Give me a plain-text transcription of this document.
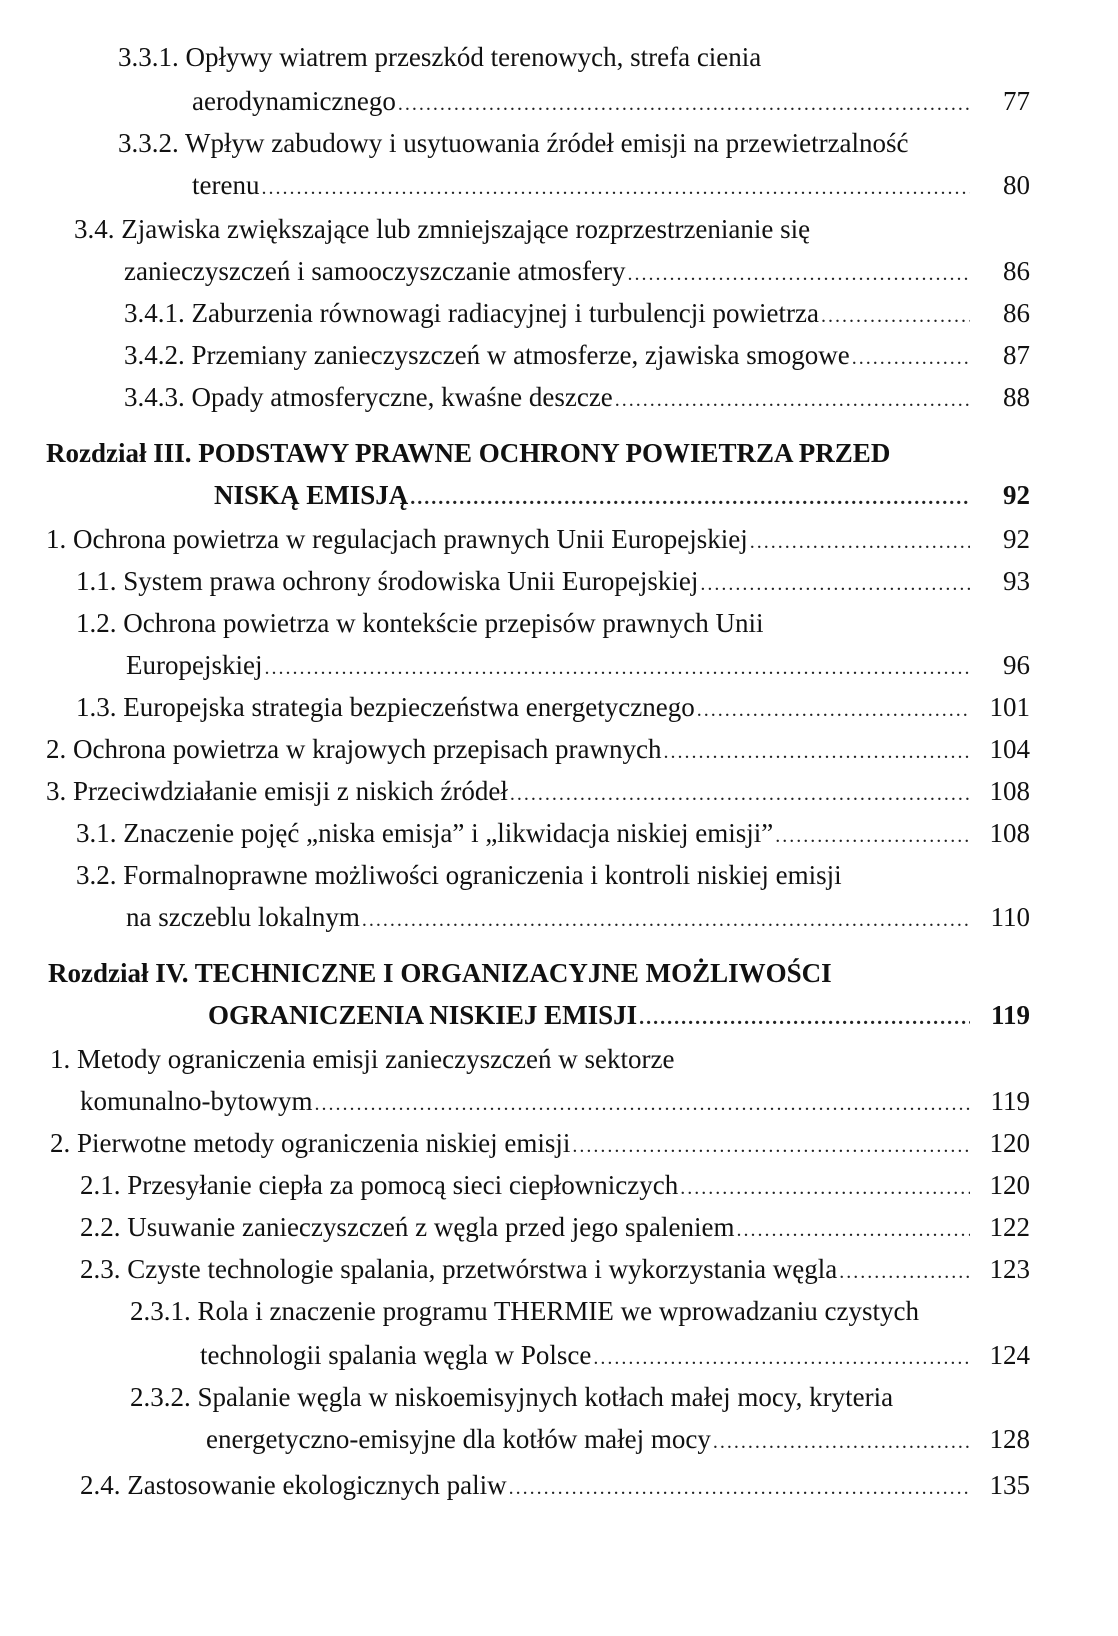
3.3.1. Opływy wiatrem przeszkód terenowych, strefa cienia
aerodynamicznego .....	77
3.3.2. Wpływ zabudowy i usytuowania źródeł emisji na przewietrzalność
terenu .....	80
3.4. Zjawiska zwiększające lub zmniejszające rozprzestrzenianie się
zanieczyszczeń i samooczyszczanie atmosfery .....	86
3.4.1. Zaburzenia równowagi radiacyjnej i turbulencji powietrza .....	86
3.4.2. Przemiany zanieczyszczeń w atmosferze, zjawiska smogowe .....	87
3.4.3. Opady atmosferyczne, kwaśne deszcze .....	88
Rozdział III. PODSTAWY PRAWNE OCHRONY POWIETRZA PRZED
NISKĄ EMISJĄ .....	92
1. Ochrona powietrza w regulacjach prawnych Unii Europejskiej .....	92
1.1. System prawa ochrony środowiska Unii Europejskiej .....	93
1.2. Ochrona powietrza w kontekście przepisów prawnych Unii
Europejskiej .....	96
1.3. Europejska strategia bezpieczeństwa energetycznego .....	101
2. Ochrona powietrza w krajowych przepisach prawnych .....	104
3. Przeciwdziałanie emisji z niskich źródeł .....	108
3.1. Znaczenie pojęć „niska emisja” i „likwidacja niskiej emisji” .....	108
3.2. Formalnoprawne możliwości ograniczenia i kontroli niskiej emisji
na szczeblu lokalnym .....	110
Rozdział IV. TECHNICZNE I ORGANIZACYJNE MOŻLIWOŚCI
OGRANICZENIA NISKIEJ EMISJI .....	119
1. Metody ograniczenia emisji zanieczyszczeń w sektorze
komunalno-bytowym .....	119
2. Pierwotne metody ograniczenia niskiej emisji .....	120
2.1. Przesyłanie ciepła za pomocą sieci ciepłowniczych .....	120
2.2. Usuwanie zanieczyszczeń z węgla przed jego spaleniem .....	122
2.3. Czyste technologie spalania, przetwórstwa i wykorzystania węgla .....	123
2.3.1. Rola i znaczenie programu THERMIE we wprowadzaniu czystych
technologii spalania węgla w Polsce .....	124
2.3.2. Spalanie węgla w niskoemisyjnych kotłach małej mocy, kryteria
energetyczno-emisyjne dla kotłów małej mocy .....	128
2.4. Zastosowanie ekologicznych paliw .....	135
